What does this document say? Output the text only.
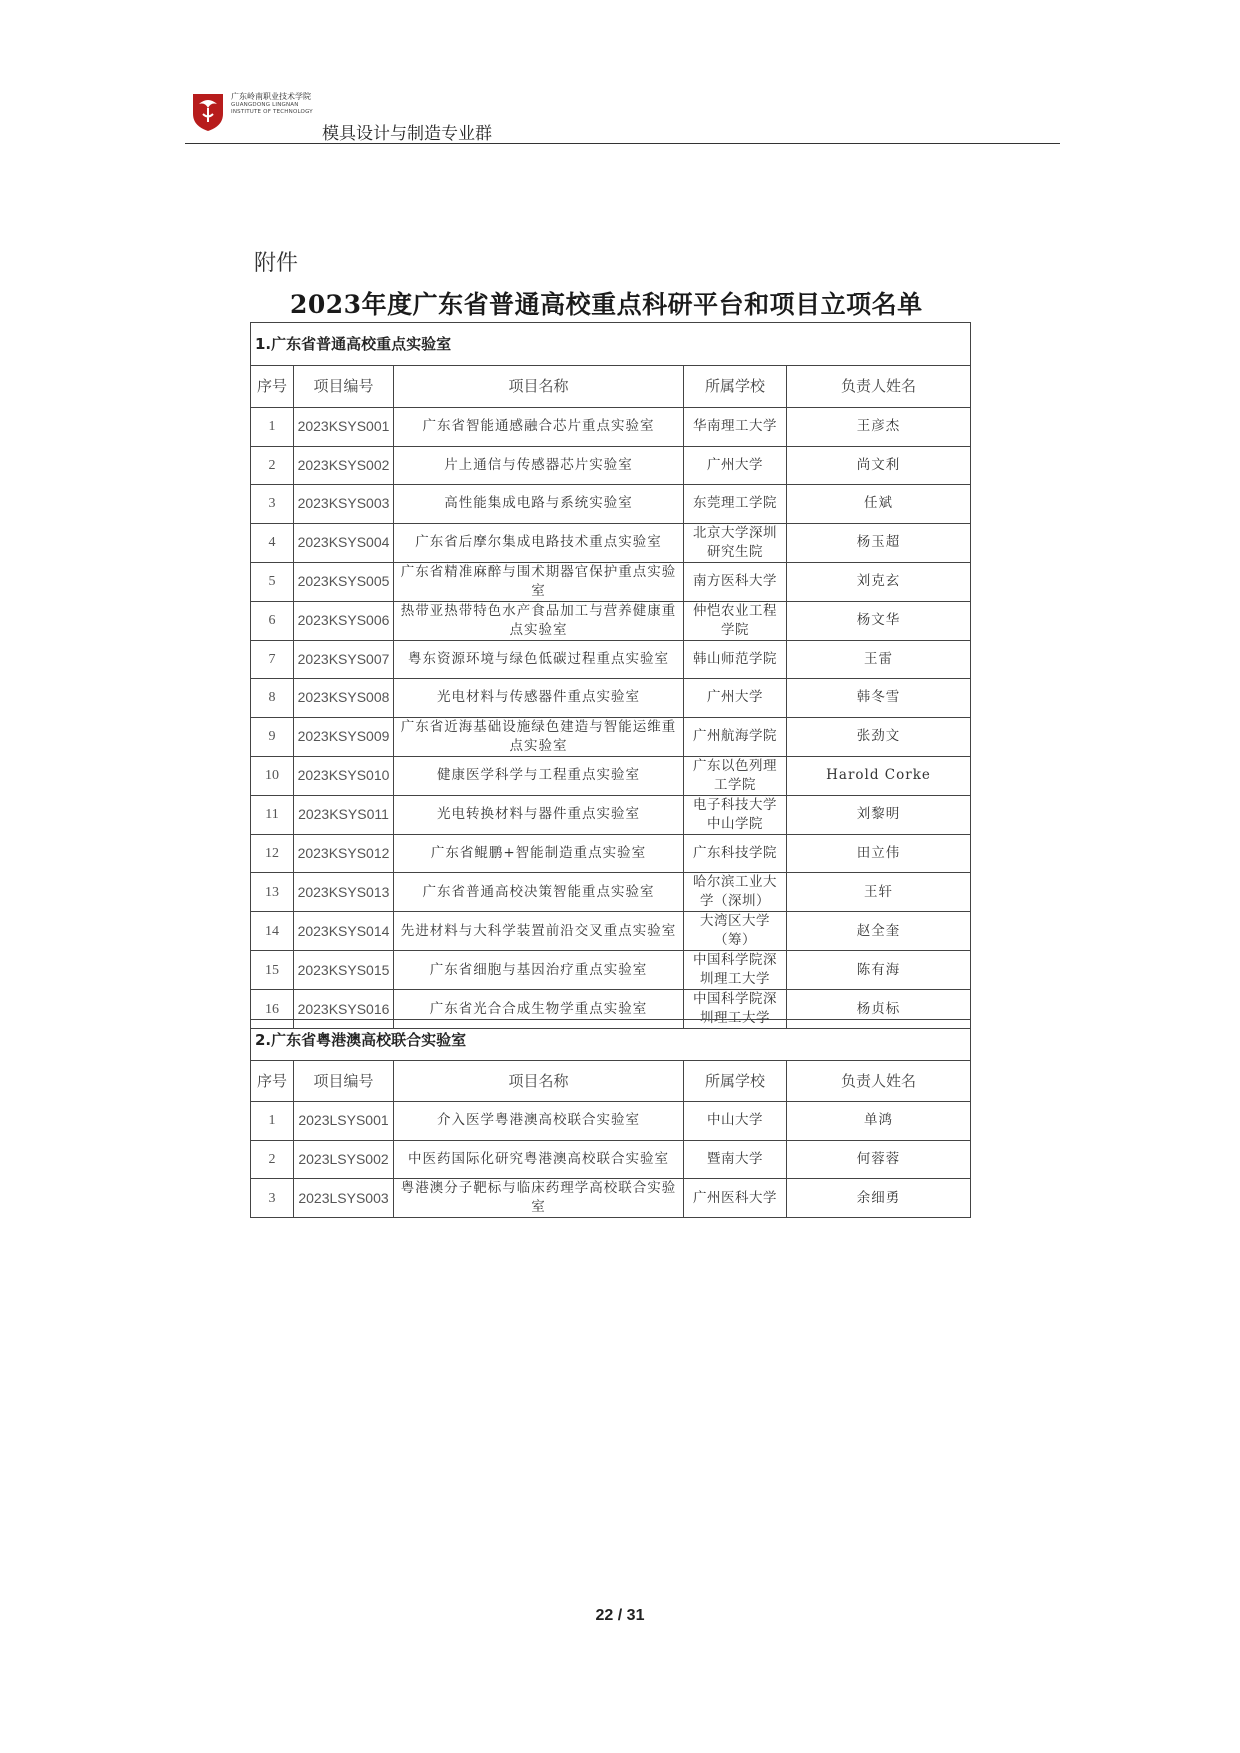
广东岭南职业技术学院
GUANGDONG LINGNAN
INSTITUTE OF TECHNOLOGY
模具设计与制造专业群
附件
2023年度广东省普通高校重点科研平台和项目立项名单
1.广东省普通高校重点实验室				
序号	项目编号	项目名称	所属学校	负责人姓名
1	2023KSYS001	广东省智能通感融合芯片重点实验室	华南理工大学	王彦杰
2	2023KSYS002	片上通信与传感器芯片实验室	广州大学	尚文利
3	2023KSYS003	高性能集成电路与系统实验室	东莞理工学院	任斌
4	2023KSYS004	广东省后摩尔集成电路技术重点实验室	北京大学深圳研究生院	杨玉超
5	2023KSYS005	广东省精准麻醉与围术期器官保护重点实验室	南方医科大学	刘克玄
6	2023KSYS006	热带亚热带特色水产食品加工与营养健康重点实验室	仲恺农业工程学院	杨文华
7	2023KSYS007	粤东资源环境与绿色低碳过程重点实验室	韩山师范学院	王雷
8	2023KSYS008	光电材料与传感器件重点实验室	广州大学	韩冬雪
9	2023KSYS009	广东省近海基础设施绿色建造与智能运维重点实验室	广州航海学院	张劲文
10	2023KSYS010	健康医学科学与工程重点实验室	广东以色列理工学院	Harold Corke
11	2023KSYS011	光电转换材料与器件重点实验室	电子科技大学中山学院	刘黎明
12	2023KSYS012	广东省鲲鹏+智能制造重点实验室	广东科技学院	田立伟
13	2023KSYS013	广东省普通高校决策智能重点实验室	哈尔滨工业大学（深圳）	王轩
14	2023KSYS014	先进材料与大科学装置前沿交叉重点实验室	大湾区大学（筹）	赵全奎
15	2023KSYS015	广东省细胞与基因治疗重点实验室	中国科学院深圳理工大学	陈有海
16	2023KSYS016	广东省光合合成生物学重点实验室	中国科学院深圳理工大学	杨贞标
2.广东省粤港澳高校联合实验室				
序号	项目编号	项目名称	所属学校	负责人姓名
1	2023LSYS001	介入医学粤港澳高校联合实验室	中山大学	单鸿
2	2023LSYS002	中医药国际化研究粤港澳高校联合实验室	暨南大学	何蓉蓉
3	2023LSYS003	粤港澳分子靶标与临床药理学高校联合实验室	广州医科大学	余细勇
22 / 31
